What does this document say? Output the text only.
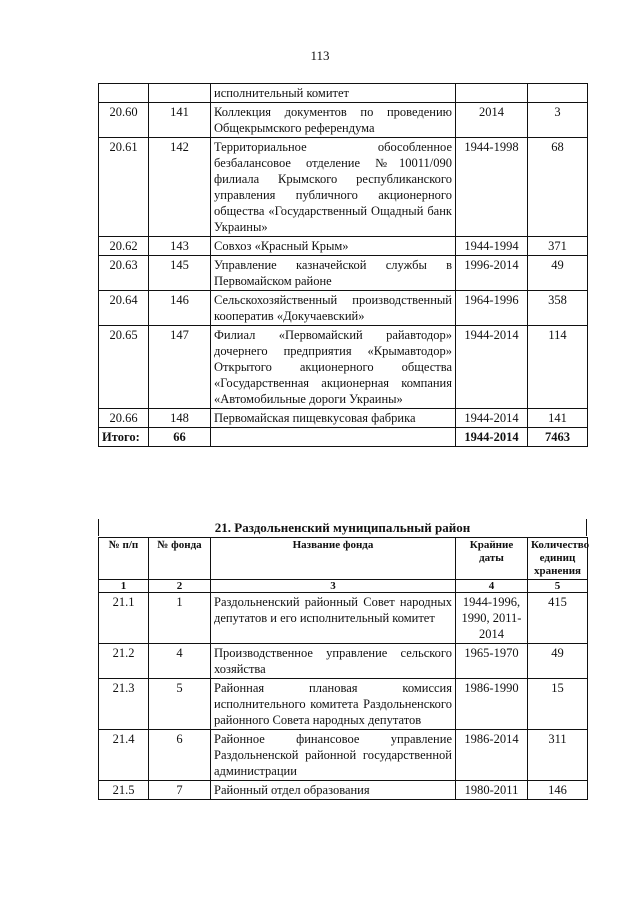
113
		исполнительный комитет		
20.60	141	Коллекция документов по проведению Общекрымского референдума	2014	3
20.61	142	Территориальное обособленное безбалансовое отделение №10011/090 филиала Крымского республиканского управления публичного акционерного общества «Государственный Ощадный банк Украины»	1944-1998	68
20.62	143	Совхоз «Красный Крым»	1944-1994	371
20.63	145	Управление казначейской службы в Первомайском районе	1996-2014	49
20.64	146	Сельскохозяйственный производственный кооператив «Докучаевский»	1964-1996	358
20.65	147	Филиал «Первомайский райавтодор» дочернего предприятия «Крымавтодор» Открытого акционерного общества «Государственная акционерная компания «Автомобильные дороги Украины»	1944-2014	114
20.66	148	Первомайская пищевкусовая фабрика	1944-2014	141
Итого:	66		1944-2014	7463
21. Раздольненский муниципальный район
№ п/п	№ фонда	Название фонда	Крайние даты	Количество единиц хранения
1	2	3	4	5
21.1	1	Раздольненский районный Совет народных депутатов и его исполнительный комитет	1944-1996, 1990, 2011-2014	415
21.2	4	Производственное управление сельского хозяйства	1965-1970	49
21.3	5	Районная плановая комиссия исполнительного комитета Раздольненского районного Совета народных депутатов	1986-1990	15
21.4	6	Районное финансовое управление Раздольненской районной государственной администрации	1986-2014	311
21.5	7	Районный отдел образования	1980-2011	146
